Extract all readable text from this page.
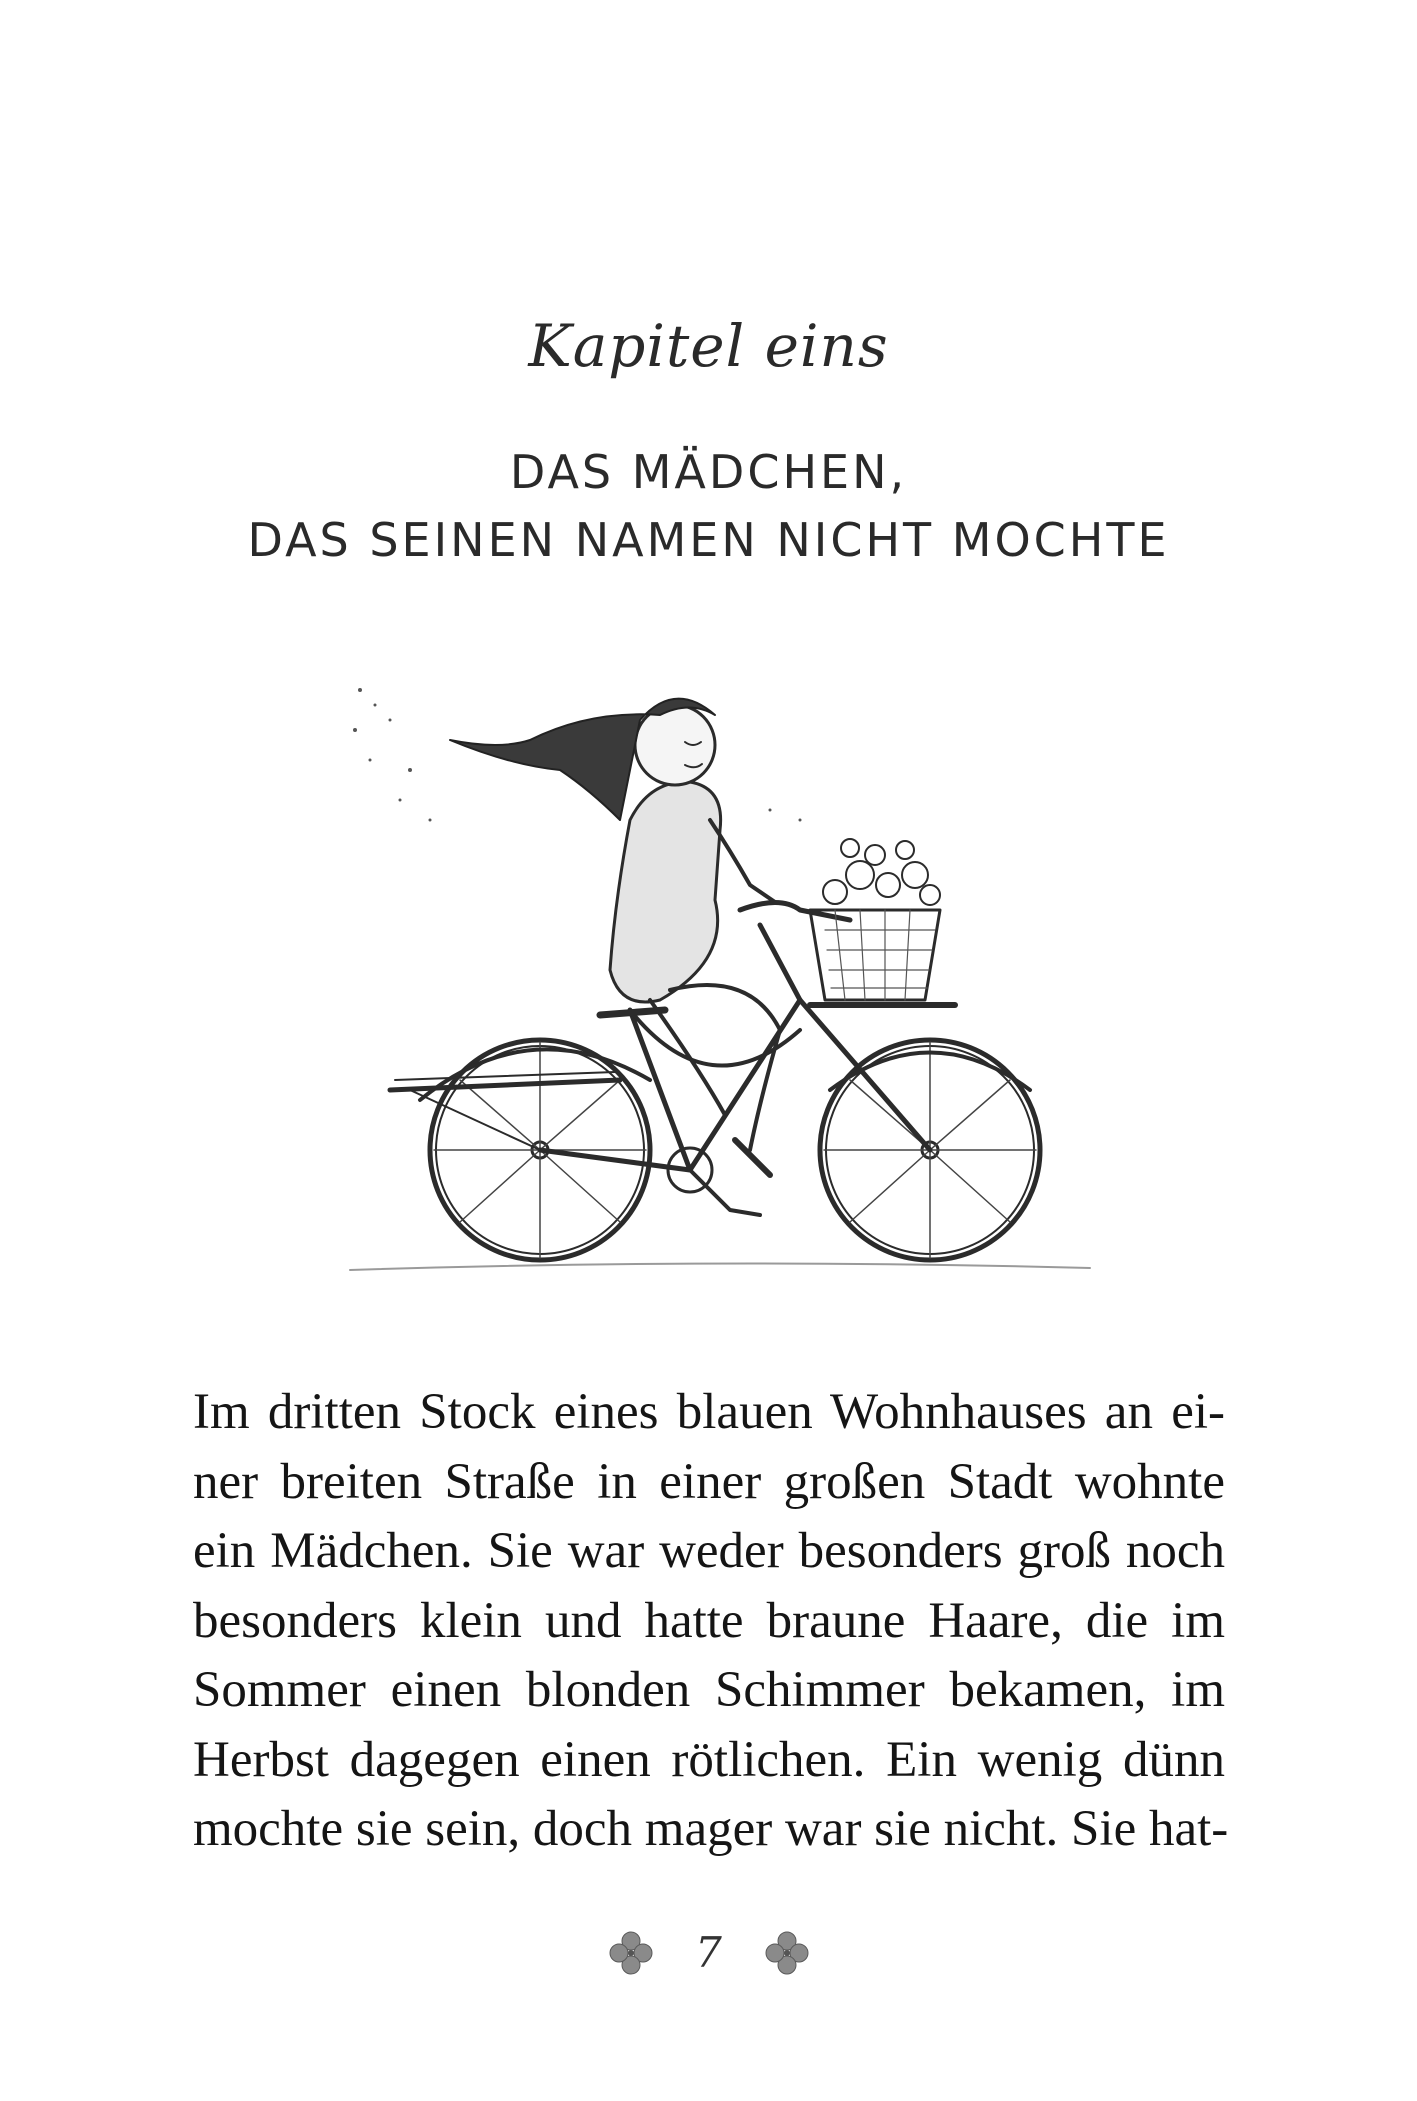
Kapitel eins
DAS MÄDCHEN,
DAS SEINEN NAMEN NICHT MOCHTE
Im dritten Stock eines blauen Wohnhauses an ei-
ner breiten Straße in einer großen Stadt wohnte
ein Mädchen. Sie war weder besonders groß noch
besonders klein und hatte braune Haare, die im
Sommer einen blonden Schimmer bekamen, im
Herbst dagegen einen rötlichen. Ein wenig dünn
mochte sie sein, doch mager war sie nicht. Sie hat-
7
